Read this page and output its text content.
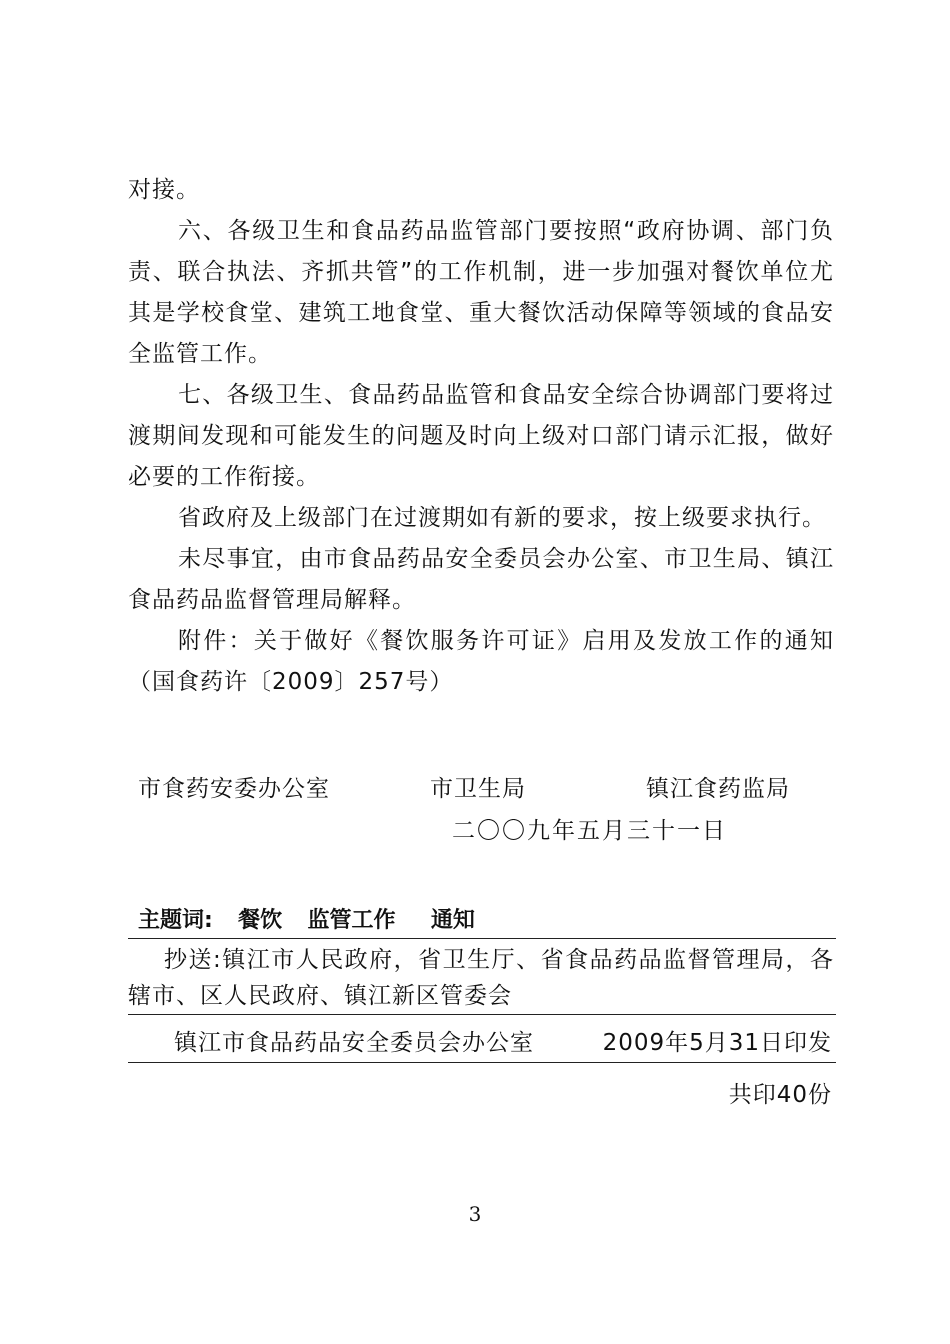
对接。

六、各级卫生和食品药品监管部门要按照“政府协调、部门负责、联合执法、齐抓共管”的工作机制，进一步加强对餐饮单位尤其是学校食堂、建筑工地食堂、重大餐饮活动保障等领域的食品安全监管工作。

七、各级卫生、食品药品监管和食品安全综合协调部门要将过渡期间发现和可能发生的问题及时向上级对口部门请示汇报，做好必要的工作衔接。

省政府及上级部门在过渡期如有新的要求，按上级要求执行。

未尽事宜，由市食品药品安全委员会办公室、市卫生局、镇江食品药品监督管理局解释。

附件：关于做好《餐饮服务许可证》启用及发放工作的通知（国食药许〔2009〕257号）

市食药安委办公室	市卫生局	镇江食药监局
二〇〇九年五月三十一日
主题词: 餐饮 监管工作 通知
抄送:镇江市人民政府，省卫生厅、省食品药品监督管理局，各辖市、区人民政府、镇江新区管委会
镇江市食品药品安全委员会办公室	2009年5月31日印发
共印40份
3
